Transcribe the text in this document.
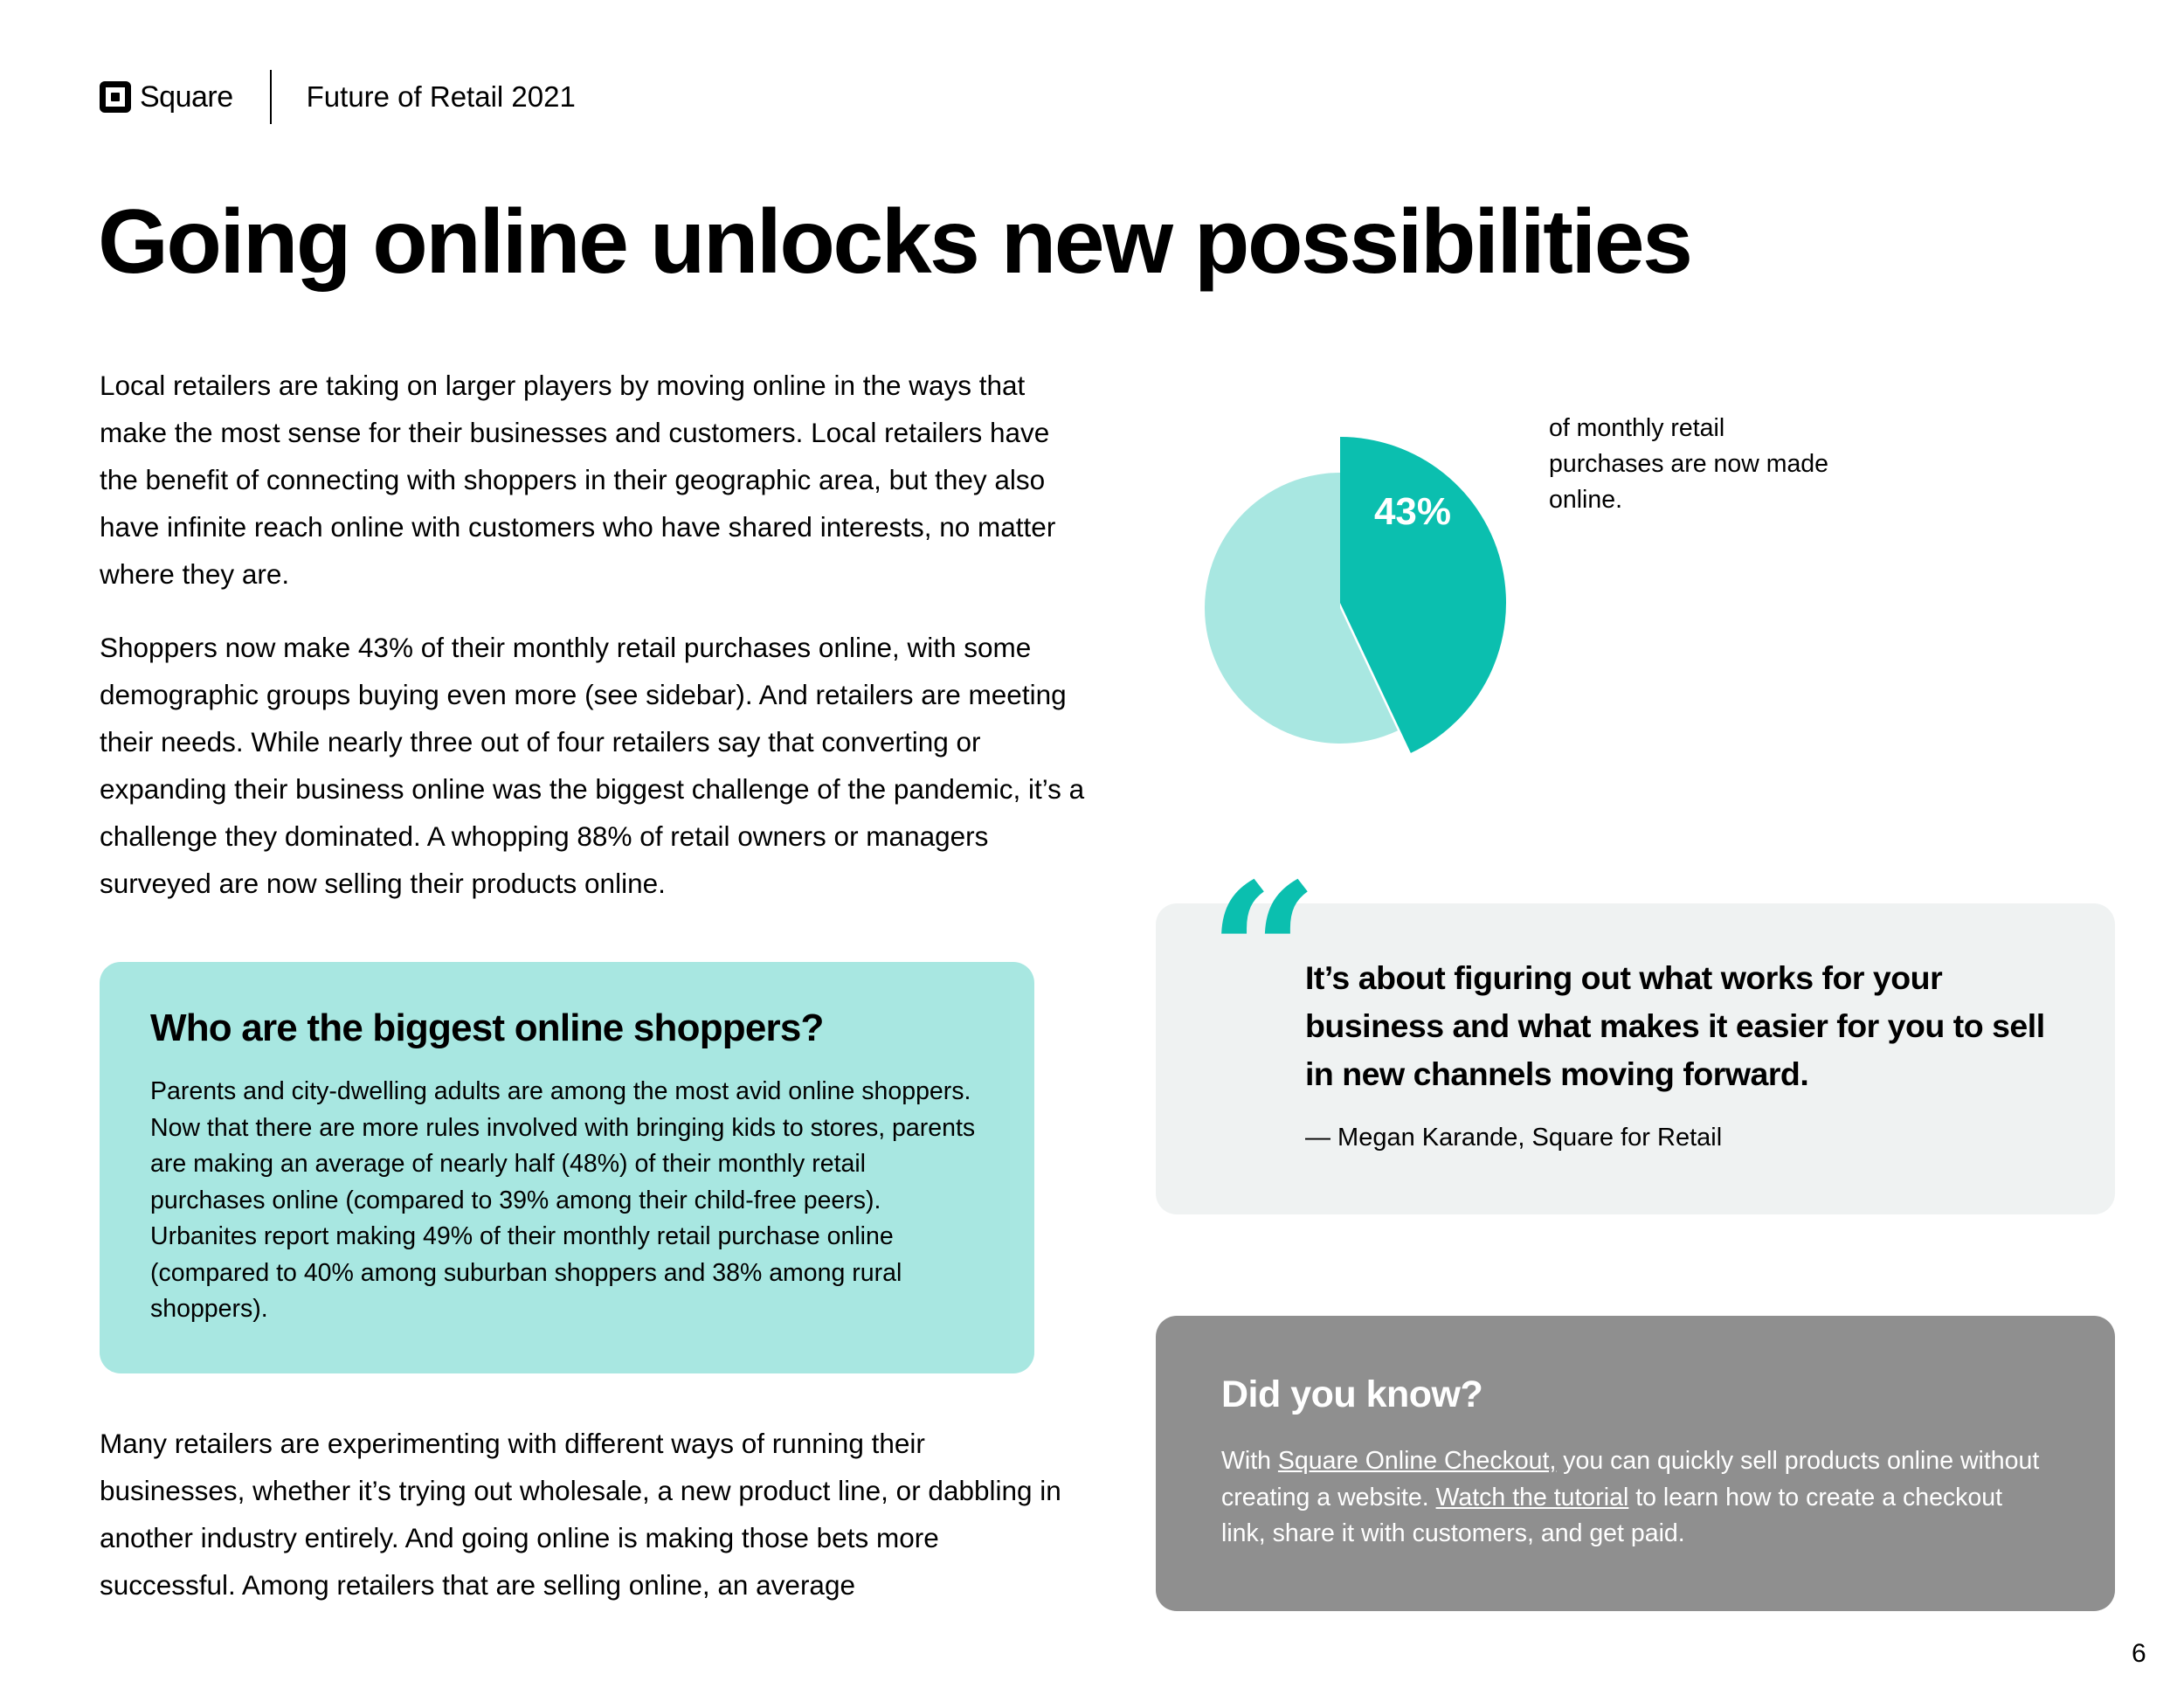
Square	Future of Retail 2021
Going online unlocks new possibilities

Local retailers are taking on larger players by moving online in the ways that make the most sense for their businesses and customers. Local retailers have the benefit of connecting with shoppers in their geographic area, but they also have infinite reach online with customers who have shared interests, no matter where they are.

Shoppers now make 43% of their monthly retail purchases online, with some demographic groups buying even more (see sidebar). And retailers are meeting their needs. While nearly three out of four retailers say that converting or expanding their business online was the biggest challenge of the pandemic, it’s a challenge they dominated. A whopping 88% of retail owners or managers surveyed are now selling their products online.

Who are the biggest online shoppers?

Parents and city-dwelling adults are among the most avid online shoppers. Now that there are more rules involved with bringing kids to stores, parents are making an average of nearly half (48%) of their monthly retail purchases online (compared to 39% among their child-free peers). Urbanites report making 49% of their monthly retail purchase online (compared to 40% among suburban shoppers and 38% among rural shoppers).

Many retailers are experimenting with different ways of running their businesses, whether it’s trying out wholesale, a new product line, or dabbling in another industry entirely. And going online is making those bets more successful. Among retailers that are selling online, an average

43%

of monthly retail purchases are now made online.

“

It’s about figuring out what works for your business and what makes it easier for you to sell in new channels moving forward.

— Megan Karande, Square for Retail

Did you know?

With Square Online Checkout, you can quickly sell products online without creating a website. Watch the tutorial to learn how to create a checkout link, share it with customers, and get paid.

6
